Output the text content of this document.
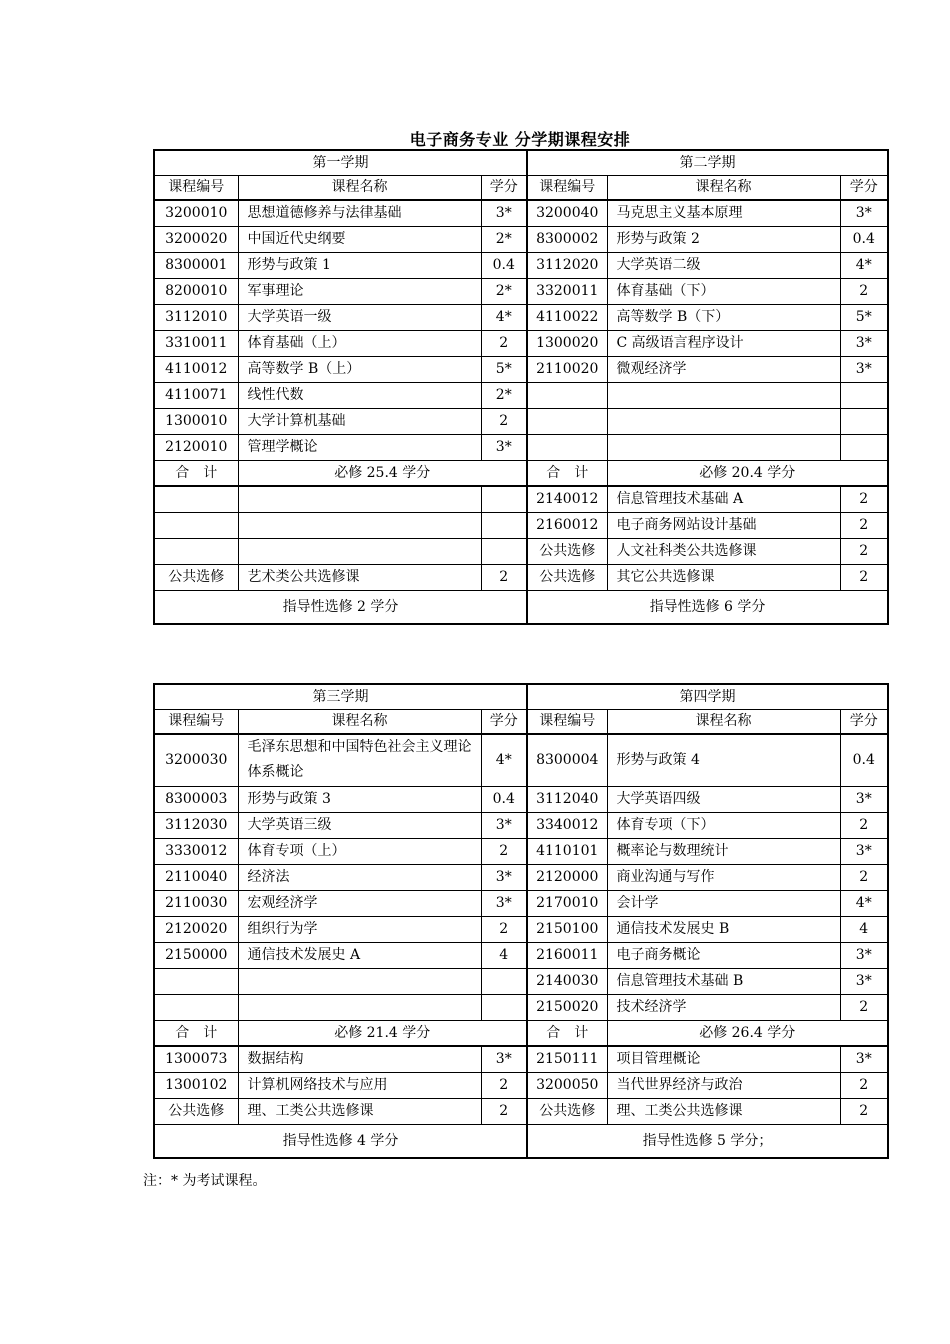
电子商务专业 分学期课程安排
第一学期			第二学期		
课程编号	课程名称	学分	课程编号	课程名称	学分
3200010	思想道德修养与法律基础	3*	3200040	马克思主义基本原理	3*
3200020	中国近代史纲要	2*	8300002	形势与政策 2	0.4
8300001	形势与政策 1	0.4	3112020	大学英语二级	4*
8200010	军事理论	2*	3320011	体育基础（下）	2
3112010	大学英语一级	4*	4110022	高等数学 B（下）	5*
3310011	体育基础（上）	2	1300020	C 高级语言程序设计	3*
4110012	高等数学 B（上）	5*	2110020	微观经济学	3*
4110071	线性代数	2*			
1300010	大学计算机基础	2			
2120010	管理学概论	3*			
合　计	必修 25.4 学分		合　计	必修 20.4 学分	
			2140012	信息管理技术基础 A	2
			2160012	电子商务网站设计基础	2
			公共选修	人文社科类公共选修课	2
公共选修	艺术类公共选修课	2	公共选修	其它公共选修课	2
指导性选修 2 学分			指导性选修 6 学分		
第三学期			第四学期		
课程编号	课程名称	学分	课程编号	课程名称	学分
3200030	毛泽东思想和中国特色社会主义理论体系概论	4*	8300004	形势与政策 4	0.4
8300003	形势与政策 3	0.4	3112040	大学英语四级	3*
3112030	大学英语三级	3*	3340012	体育专项（下）	2
3330012	体育专项（上）	2	4110101	概率论与数理统计	3*
2110040	经济法	3*	2120000	商业沟通与写作	2
2110030	宏观经济学	3*	2170010	会计学	4*
2120020	组织行为学	2	2150100	通信技术发展史 B	4
2150000	通信技术发展史 A	4	2160011	电子商务概论	3*
			2140030	信息管理技术基础 B	3*
			2150020	技术经济学	2
合　计	必修 21.4 学分		合　计	必修 26.4 学分	
1300073	数据结构	3*	2150111	项目管理概论	3*
1300102	计算机网络技术与应用	2	3200050	当代世界经济与政治	2
公共选修	理、工类公共选修课	2	公共选修	理、工类公共选修课	2
指导性选修 4 学分			指导性选修 5 学分；		
注：* 为考试课程。
